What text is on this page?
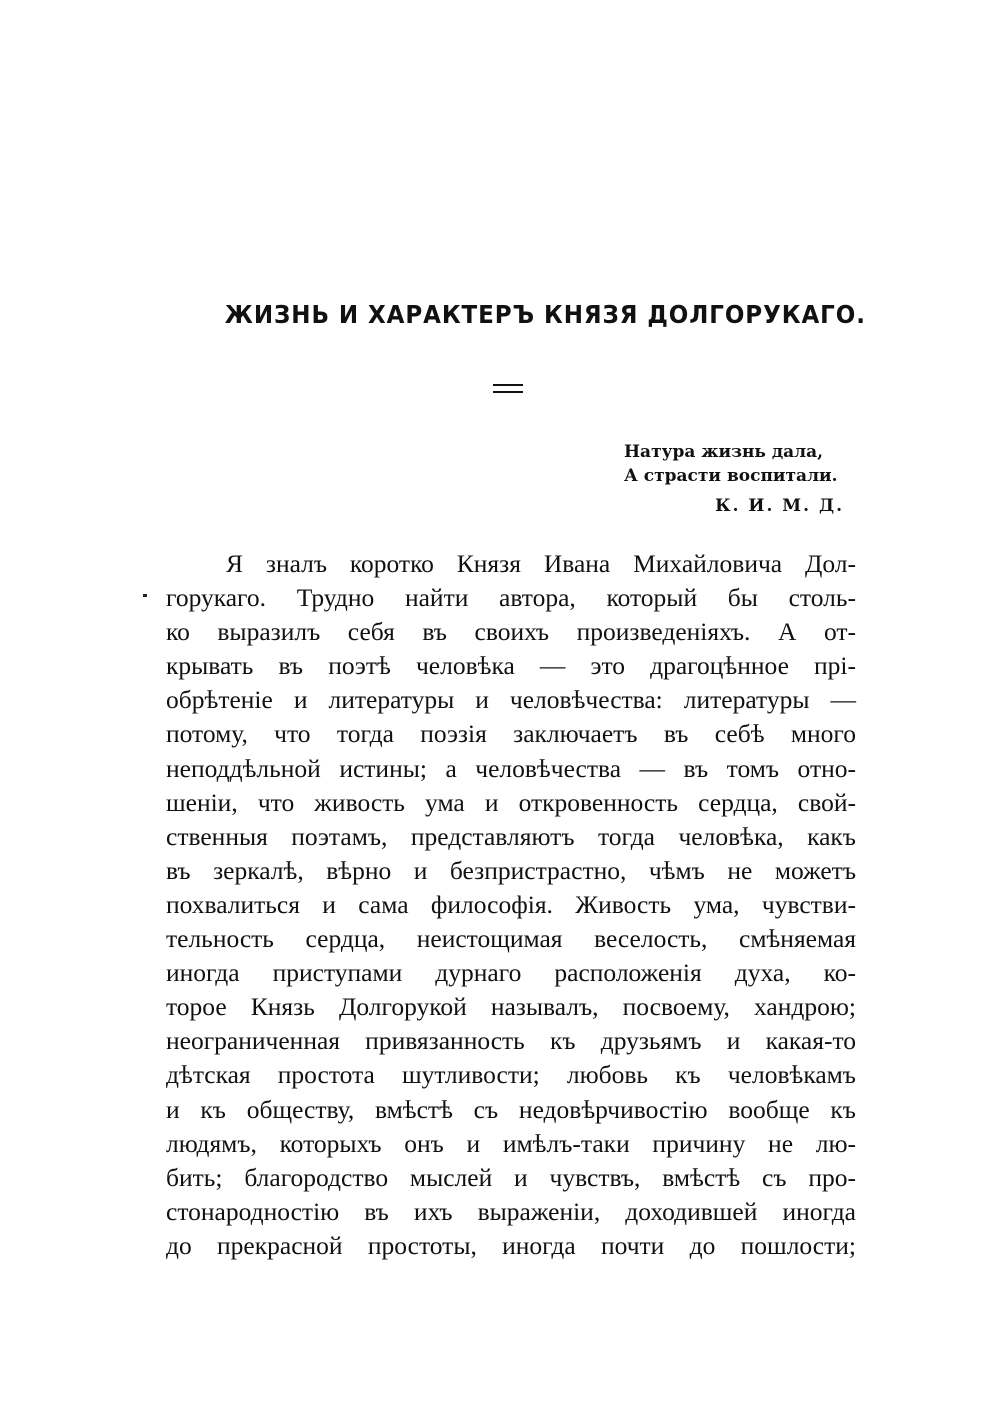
ЖИЗНЬ И ХАРАКТЕРЪ КНЯЗЯ ДОЛГОРУКАГО.
Натура жизнь дала,
А страсти воспитали.
К. И. М. Д.
Я зналъ коротко Князя Ивана Михайловича Дол-
горукаго. Трудно найти автора, который бы столь-
ко выразилъ себя въ своихъ произведеніяхъ. А от-
крывать въ поэтѣ человѣка — это драгоцѣнное прі-
обрѣтеніе и литературы и человѣчества: литературы —
потому, что тогда поэзія заключаетъ въ себѣ много
неподдѣльной истины; а человѣчества — въ томъ отно-
шеніи, что живость ума и откровенность сердца, свой-
ственныя поэтамъ, представляютъ тогда человѣка, какъ
въ зеркалѣ, вѣрно и безпристрастно, чѣмъ не можетъ
похвалиться и сама философія. Живость ума, чувстви-
тельность сердца, неистощимая веселость, смѣняемая
иногда приступами дурнаго расположенія духа, ко-
торое Князь Долгорукой называлъ, посвоему, хандрою;
неограниченная привязанность къ друзьямъ и какая-то
дѣтская простота шутливости; любовь къ человѣкамъ
и къ обществу, вмѣстѣ съ недовѣрчивостію вообще къ
людямъ, которыхъ онъ и имѣлъ-таки причину не лю-
бить; благородство мыслей и чувствъ, вмѣстѣ съ про-
стонародностію въ ихъ выраженіи, доходившей иногда
до прекрасной простоты, иногда почти до пошлости;
